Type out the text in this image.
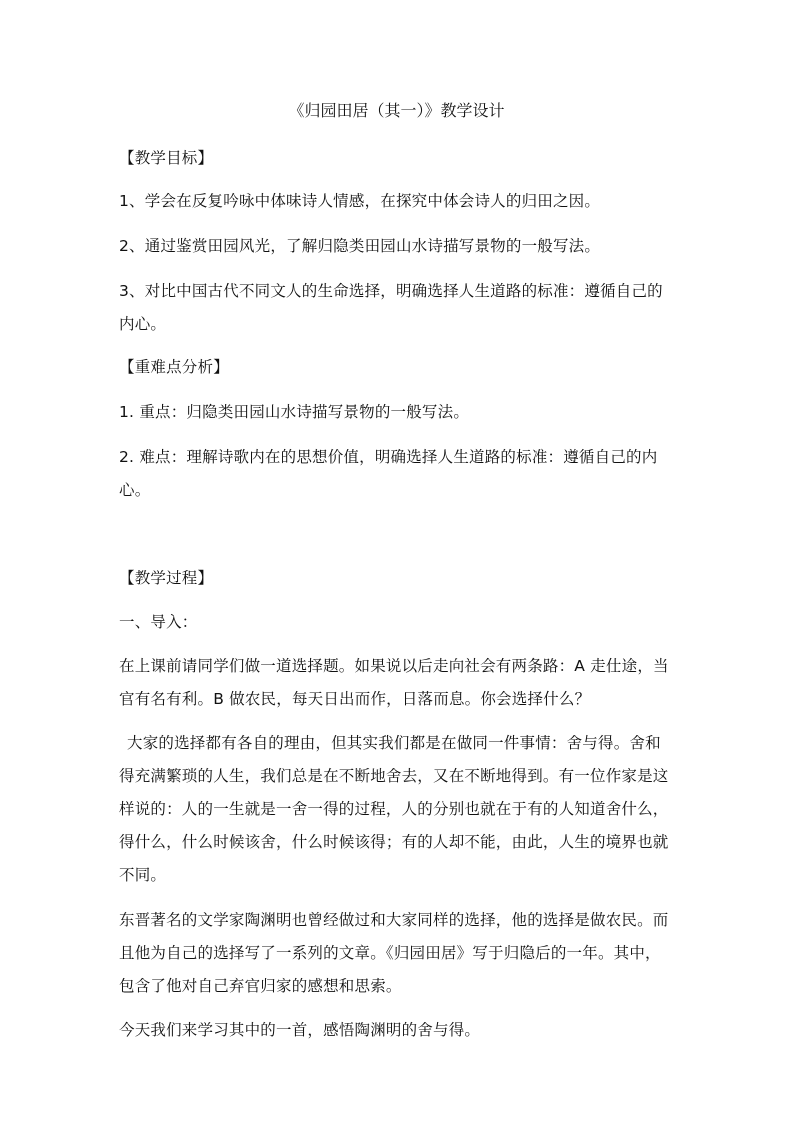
《归园田居（其一）》教学设计
【教学目标】
1、学会在反复吟咏中体味诗人情感，在探究中体会诗人的归田之因。
2、通过鉴赏田园风光，了解归隐类田园山水诗描写景物的一般写法。
3、对比中国古代不同文人的生命选择，明确选择人生道路的标准：遵循自己的
内心。
【重难点分析】
1. 重点：归隐类田园山水诗描写景物的一般写法。
2. 难点：理解诗歌内在的思想价值，明确选择人生道路的标准：遵循自己的内
心。
【教学过程】
一、导入：
在上课前请同学们做一道选择题。如果说以后走向社会有两条路：A 走仕途，当
官有名有利。B 做农民，每天日出而作，日落而息。你会选择什么？
大家的选择都有各自的理由，但其实我们都是在做同一件事情：舍与得。舍和
得充满繁琐的人生，我们总是在不断地舍去，又在不断地得到。有一位作家是这
样说的：人的一生就是一舍一得的过程，人的分别也就在于有的人知道舍什么，
得什么，什么时候该舍，什么时候该得；有的人却不能，由此，人生的境界也就
不同。
东晋著名的文学家陶渊明也曾经做过和大家同样的选择，他的选择是做农民。而
且他为自己的选择写了一系列的文章。《归园田居》写于归隐后的一年。其中，
包含了他对自己弃官归家的感想和思索。
今天我们来学习其中的一首，感悟陶渊明的舍与得。
